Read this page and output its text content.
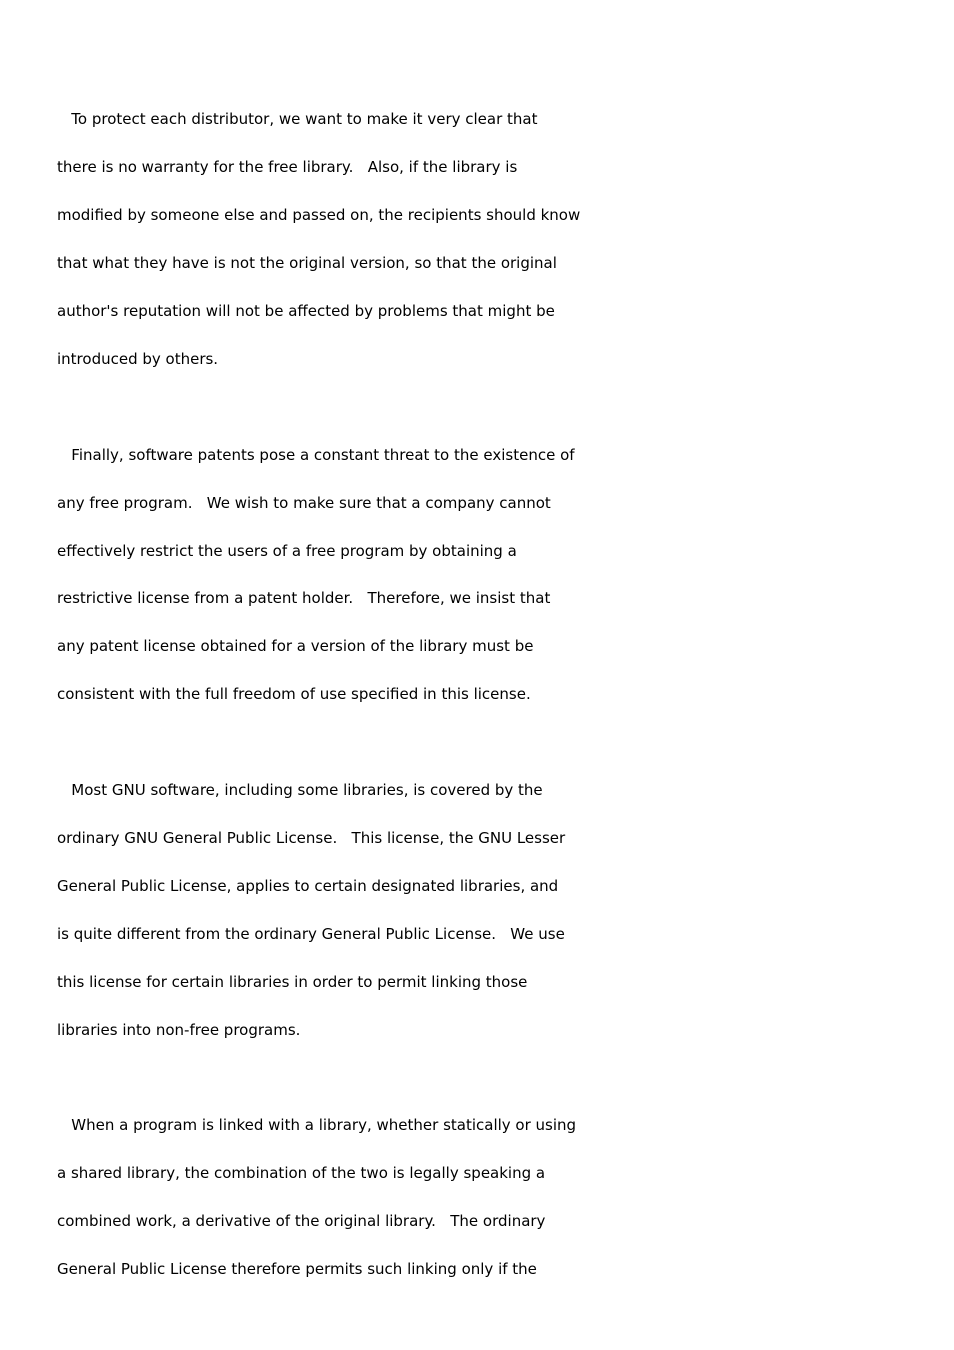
To protect each distributor, we want to make it very clear that
there is no warranty for the free library.   Also, if the library is
modified by someone else and passed on, the recipients should know
that what they have is not the original version, so that the original
author's reputation will not be affected by problems that might be
introduced by others.
Finally, software patents pose a constant threat to the existence of
any free program.   We wish to make sure that a company cannot
effectively restrict the users of a free program by obtaining a
restrictive license from a patent holder.   Therefore, we insist that
any patent license obtained for a version of the library must be
consistent with the full freedom of use specified in this license.
Most GNU software, including some libraries, is covered by the
ordinary GNU General Public License.   This license, the GNU Lesser
General Public License, applies to certain designated libraries, and
is quite different from the ordinary General Public License.   We use
this license for certain libraries in order to permit linking those
libraries into non-free programs.
When a program is linked with a library, whether statically or using
a shared library, the combination of the two is legally speaking a
combined work, a derivative of the original library.   The ordinary
General Public License therefore permits such linking only if the
